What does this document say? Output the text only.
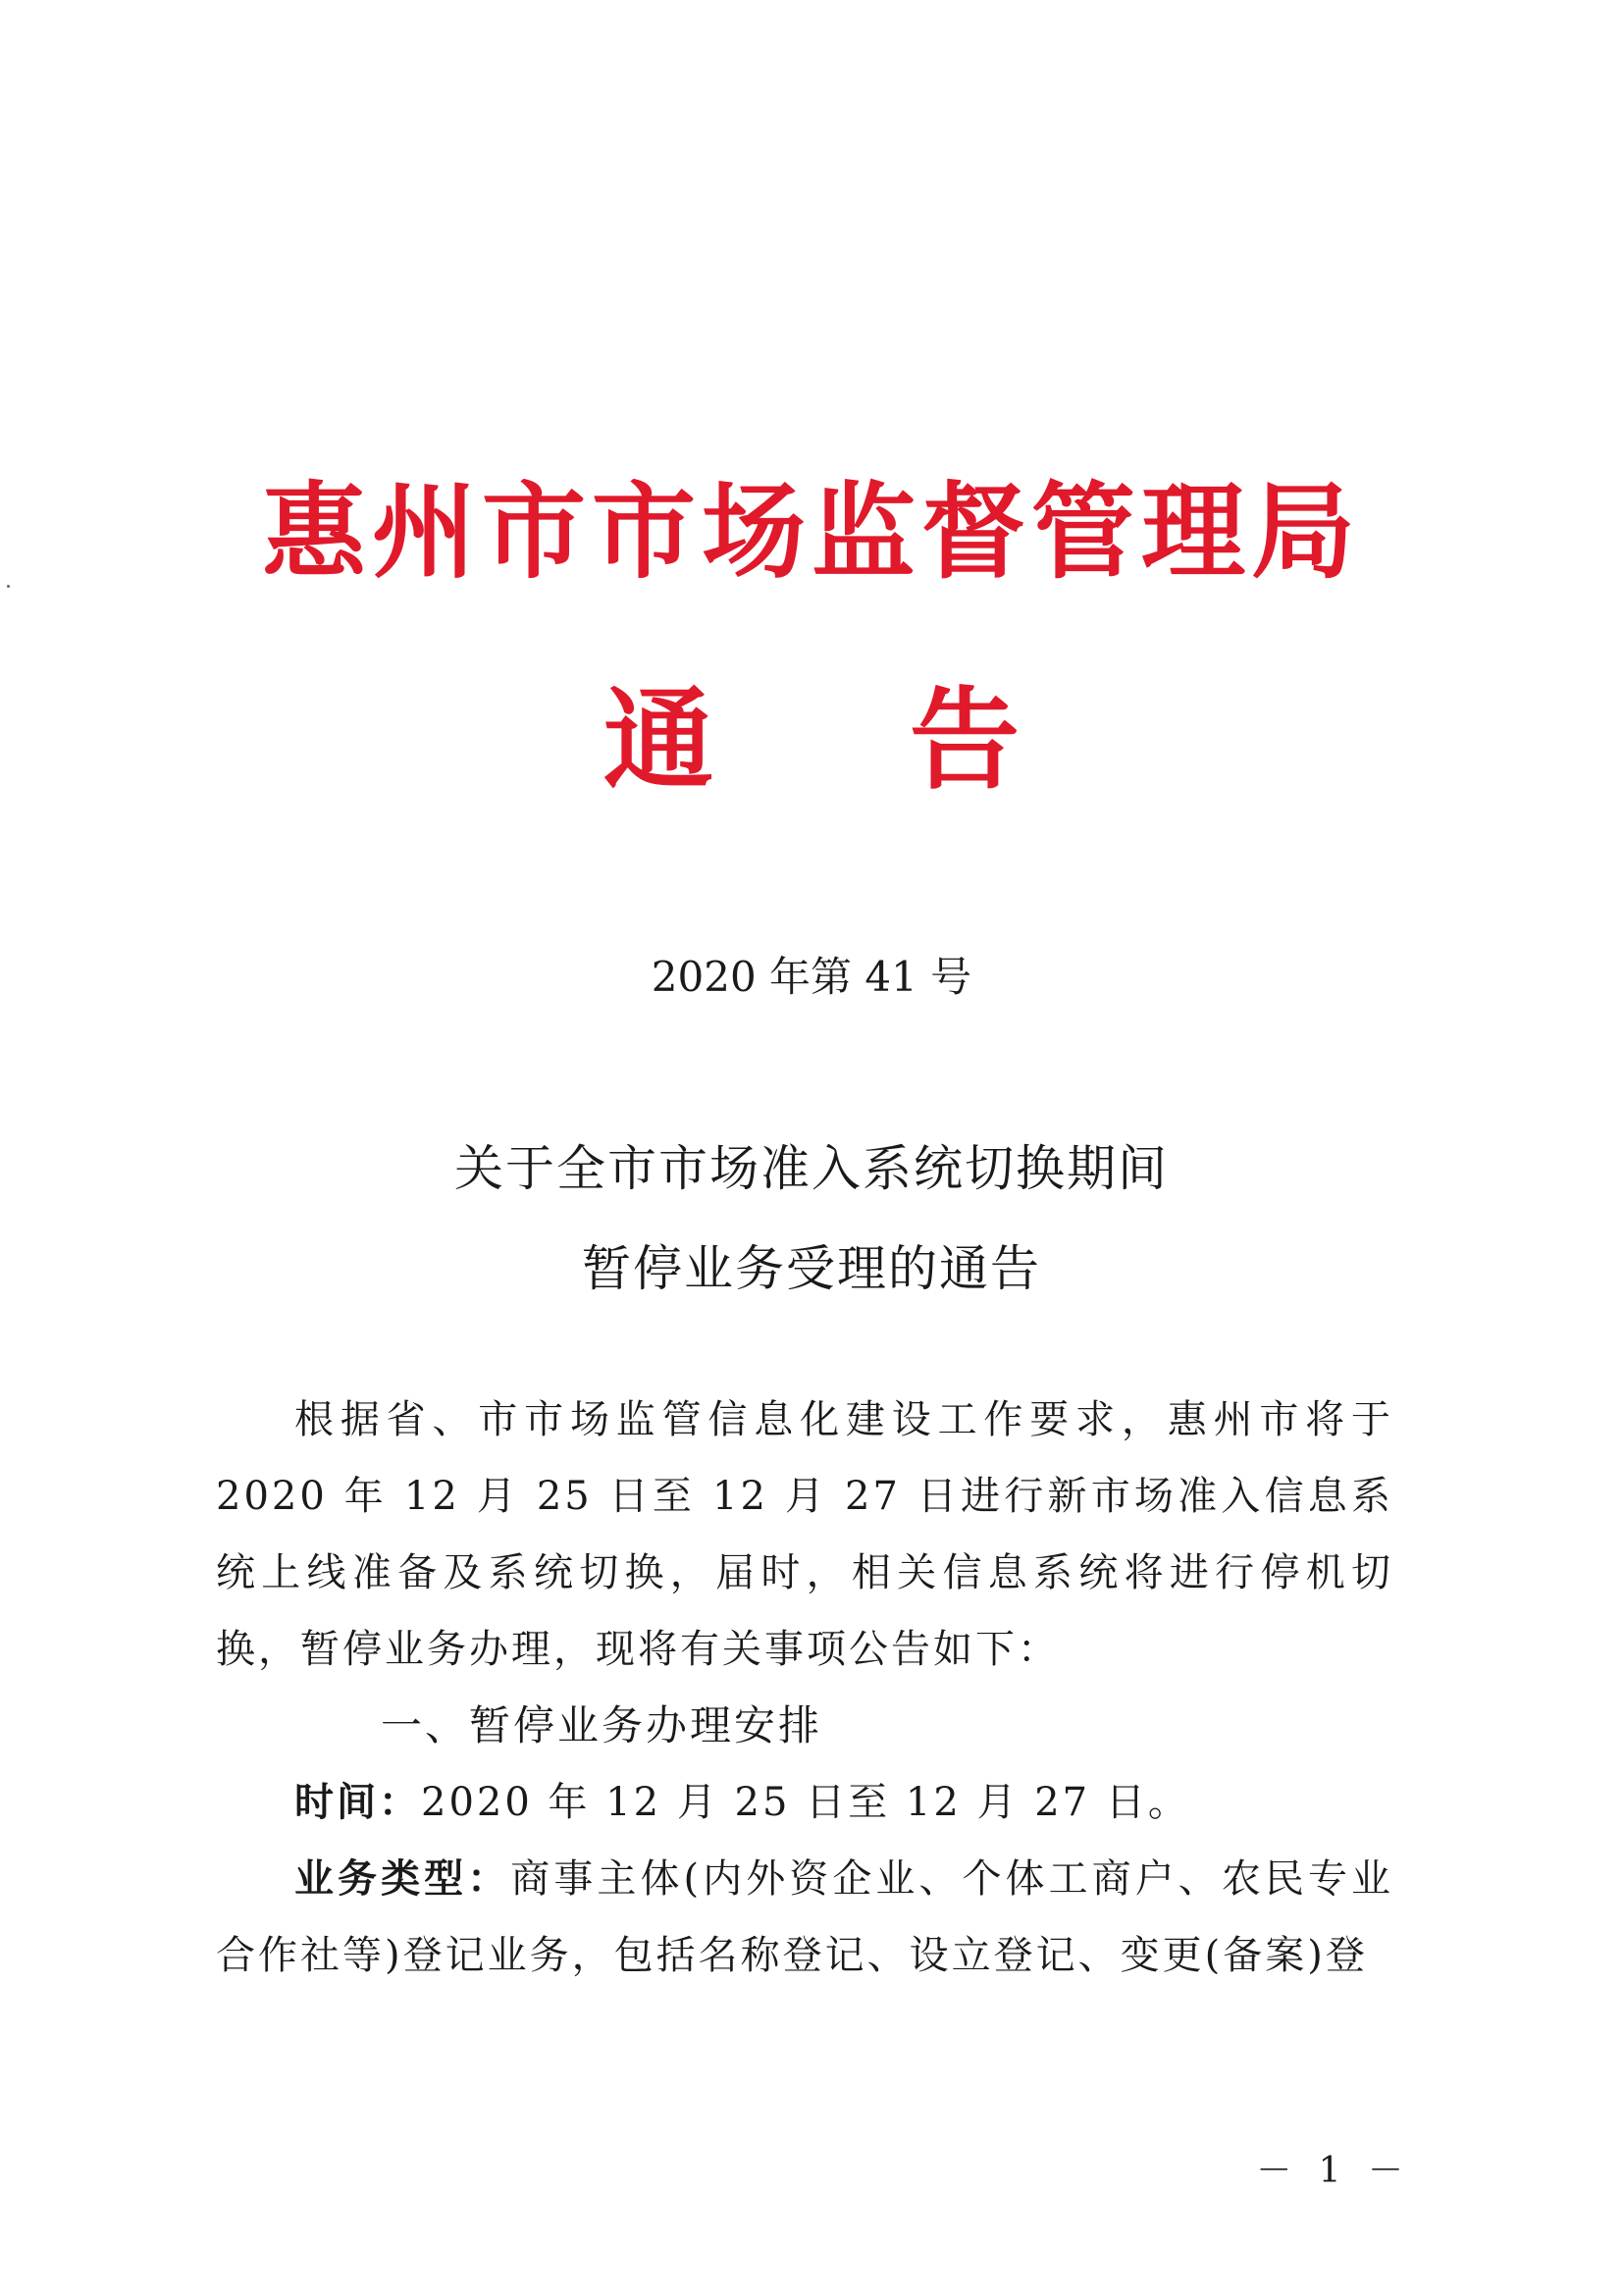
惠州市市场监督管理局
通 告
2020 年第 41 号
关于全市市场准入系统切换期间
暂停业务受理的通告

根据省、市市场监管信息化建设工作要求，惠州市将于 2020 年 12 月 25 日至 12 月 27 日进行新市场准入信息系统上线准备及系统切换，届时，相关信息系统将进行停机切换，暂停业务办理，现将有关事项公告如下：

一、暂停业务办理安排

时间：2020 年 12 月 25 日至 12 月 27 日。

业务类型：商事主体(内外资企业、个体工商户、农民专业合作社等)登记业务，包括名称登记、设立登记、变更(备案)登

－ 1 －
